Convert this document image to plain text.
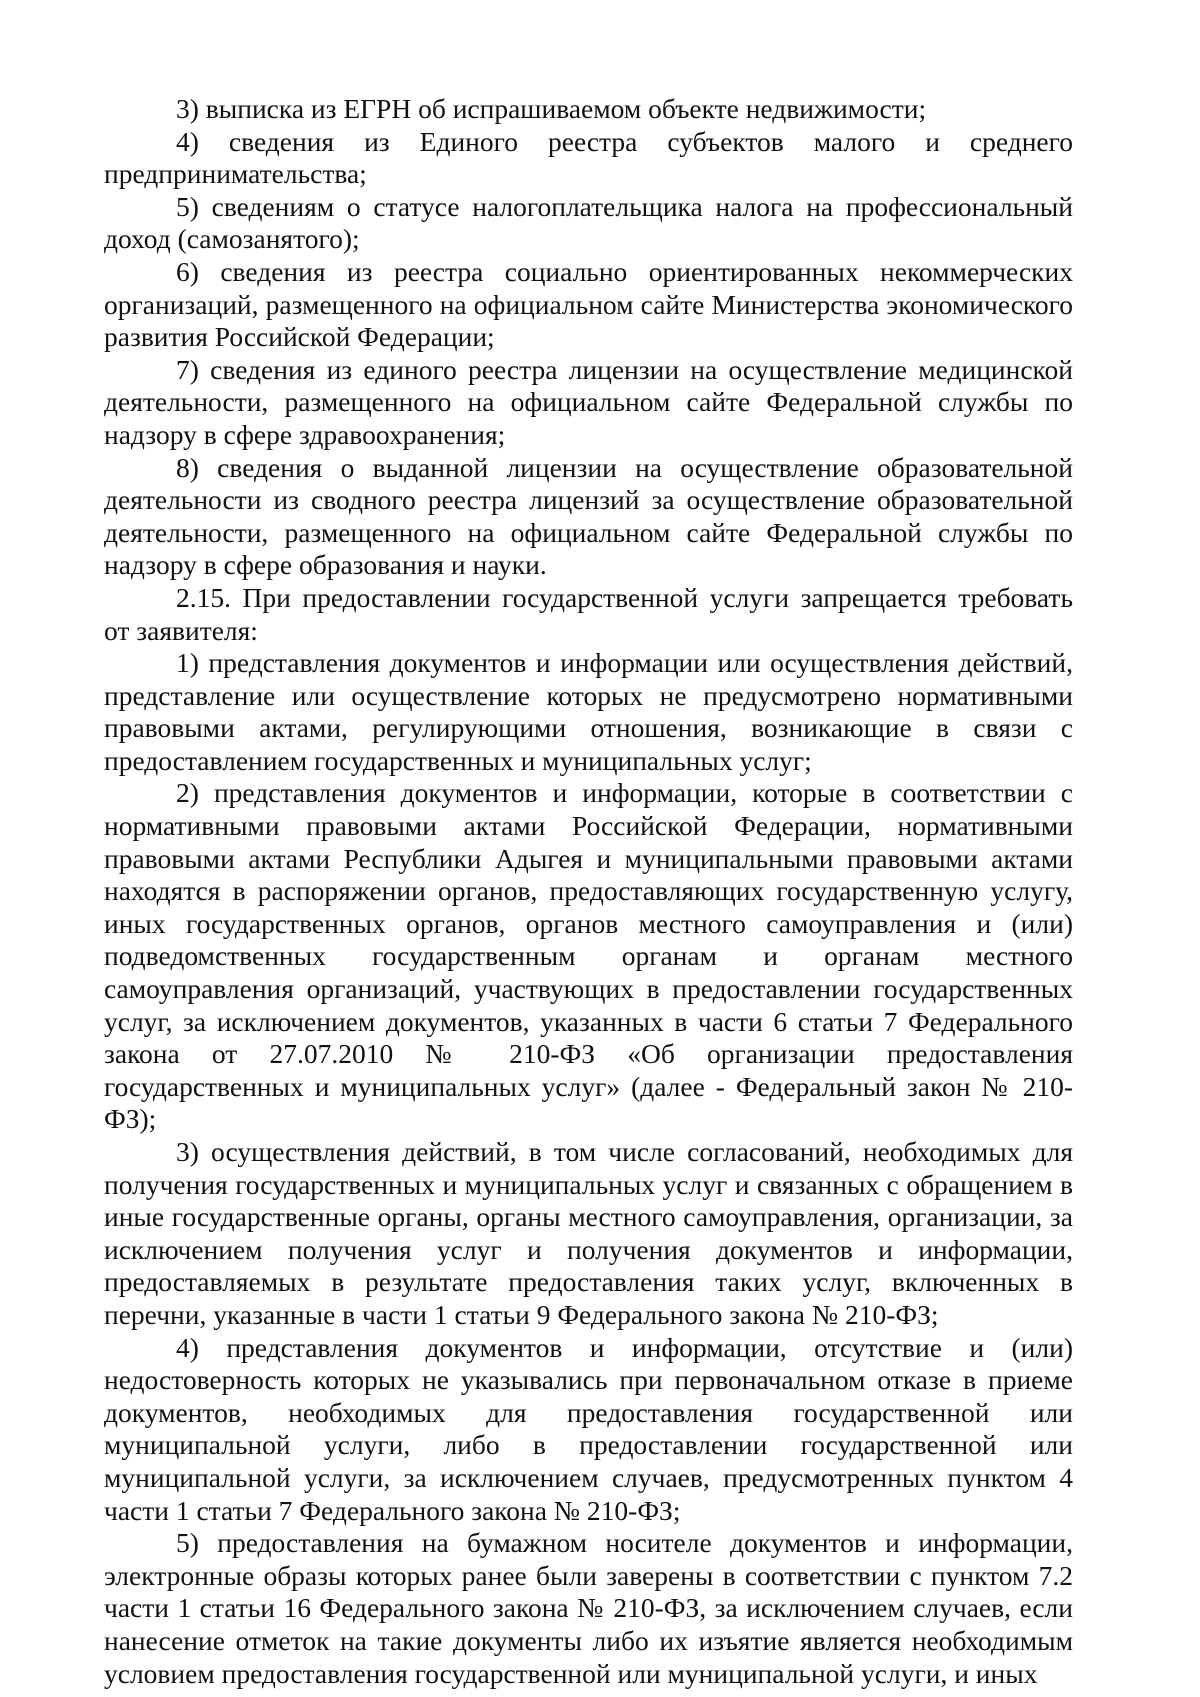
3) выписка из ЕГРН об испрашиваемом объекте недвижимости;

4) сведения из Единого реестра субъектов малого и среднего предпринимательства;

5) сведениям о статусе налогоплательщика налога на профессиональный доход (самозанятого);

6) сведения из реестра социально ориентированных некоммерческих организаций, размещенного на официальном сайте Министерства экономического развития Российской Федерации;

7) сведения из единого реестра лицензии на осуществление медицинской деятельности, размещенного на официальном сайте Федеральной службы по надзору в сфере здравоохранения;

8) сведения о выданной лицензии на осуществление образовательной деятельности из сводного реестра лицензий за осуществление образовательной деятельности, размещенного на официальном сайте Федеральной службы по надзору в сфере образования и науки.

2.15. При предоставлении государственной услуги запрещается требовать от заявителя:

1) представления документов и информации или осуществления действий, представление или осуществление которых не предусмотрено нормативными правовыми актами, регулирующими отношения, возникающие в связи с предоставлением государственных и муниципальных услуг;

2) представления документов и информации, которые в соответствии с нормативными правовыми актами Российской Федерации, нормативными правовыми актами Республики Адыгея и муниципальными правовыми актами находятся в распоряжении органов, предоставляющих государственную услугу, иных государственных органов, органов местного самоуправления и (или) подведомственных государственным органам и органам местного самоуправления организаций, участвующих в предоставлении государственных услуг, за исключением документов, указанных в части 6 статьи 7 Федерального закона от 27.07.2010 № 210-ФЗ «Об организации предоставления государственных и муниципальных услуг» (далее - Федеральный закон № 210-ФЗ);

3) осуществления действий, в том числе согласований, необходимых для получения государственных и муниципальных услуг и связанных с обращением в иные государственные органы, органы местного самоуправления, организации, за исключением получения услуг и получения документов и информации, предоставляемых в результате предоставления таких услуг, включенных в перечни, указанные в части 1 статьи 9 Федерального закона № 210-ФЗ;

4) представления документов и информации, отсутствие и (или) недостоверность которых не указывались при первоначальном отказе в приеме документов, необходимых для предоставления государственной или муниципальной услуги, либо в предоставлении государственной или муниципальной услуги, за исключением случаев, предусмотренных пунктом 4 части 1 статьи 7 Федерального закона № 210-ФЗ;

5) предоставления на бумажном носителе документов и информации, электронные образы которых ранее были заверены в соответствии с пунктом 7.2 части 1 статьи 16 Федерального закона № 210-ФЗ, за исключением случаев, если нанесение отметок на такие документы либо их изъятие является необходимым условием предоставления государственной или муниципальной услуги, и иных
